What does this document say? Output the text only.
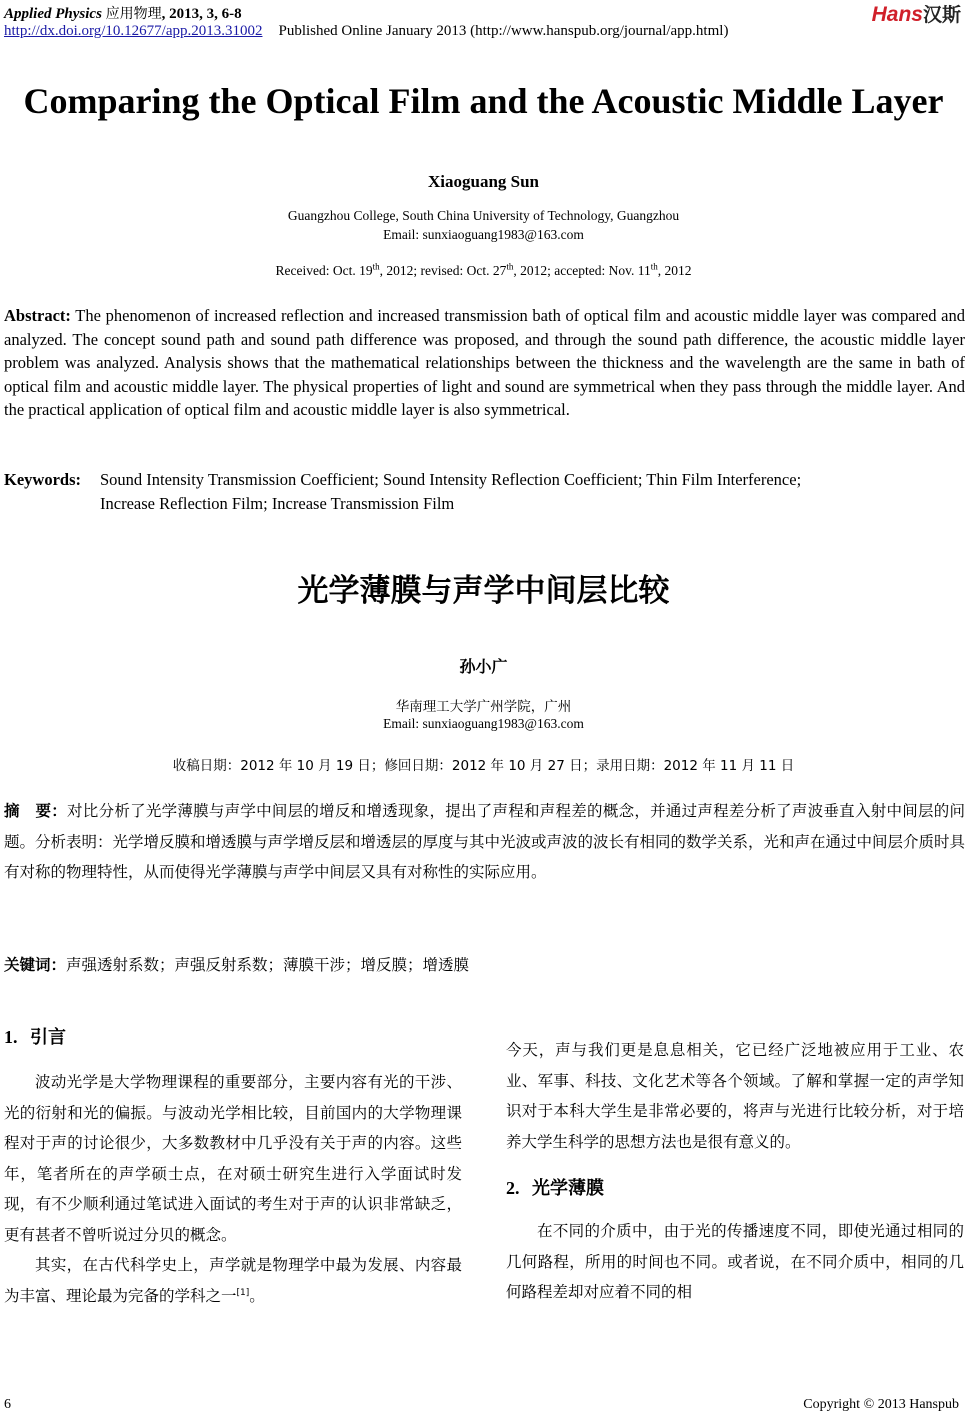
Applied Physics 应用物理, 2013, 3, 6-8
http://dx.doi.org/10.12677/app.2013.31002 Published Online January 2013 (http://www.hanspub.org/journal/app.html)
Hans汉斯
Comparing the Optical Film and the Acoustic Middle Layer
Xiaoguang Sun
Guangzhou College, South China University of Technology, Guangzhou
Email: sunxiaoguang1983@163.com
Received: Oct. 19th, 2012; revised: Oct. 27th, 2012; accepted: Nov. 11th, 2012
Abstract: The phenomenon of increased reflection and increased transmission bath of optical film and acoustic middle layer was compared and analyzed. The concept sound path and sound path difference was proposed, and through the sound path difference, the acoustic middle layer problem was analyzed. Analysis shows that the mathematical relationships between the thickness and the wavelength are the same in bath of optical film and acoustic middle layer. The physical properties of light and sound are symmetrical when they pass through the middle layer. And the practical application of optical film and acoustic middle layer is also symmetrical.
Keywords:	Sound Intensity Transmission Coefficient; Sound Intensity Reflection Coefficient; Thin Film Interference;
Increase Reflection Film; Increase Transmission Film
光学薄膜与声学中间层比较
孙小广
华南理工大学广州学院，广州
Email: sunxiaoguang1983@163.com
收稿日期：2012 年 10 月 19 日；修回日期：2012 年 10 月 27 日；录用日期：2012 年 11 月 11 日
摘　要：对比分析了光学薄膜与声学中间层的增反和增透现象，提出了声程和声程差的概念，并通过声程差分析了声波垂直入射中间层的问题。分析表明：光学增反膜和增透膜与声学增反层和增透层的厚度与其中光波或声波的波长有相同的数学关系，光和声在通过中间层介质时具有对称的物理特性，从而使得光学薄膜与声学中间层又具有对称性的实际应用。
关键词：声强透射系数；声强反射系数；薄膜干涉；增反膜；增透膜
1. 引言

波动光学是大学物理课程的重要部分，主要内容有光的干涉、光的衍射和光的偏振。与波动光学相比较，目前国内的大学物理课程对于声的讨论很少，大多数教材中几乎没有关于声的内容。这些年，笔者所在的声学硕士点，在对硕士研究生进行入学面试时发现，有不少顺利通过笔试进入面试的考生对于声的认识非常缺乏，更有甚者不曾听说过分贝的概念。

其实，在古代科学史上，声学就是物理学中最为发展、内容最为丰富、理论最为完备的学科之一[1]。

今天，声与我们更是息息相关，它已经广泛地被应用于工业、农业、军事、科技、文化艺术等各个领域。了解和掌握一定的声学知识对于本科大学生是非常必要的，将声与光进行比较分析，对于培养大学生科学的思想方法也是很有意义的。

2. 光学薄膜

在不同的介质中，由于光的传播速度不同，即使光通过相同的几何路程，所用的时间也不同。或者说，在不同介质中，相同的几何路程差却对应着不同的相

6	Copyright © 2013 Hanspub
